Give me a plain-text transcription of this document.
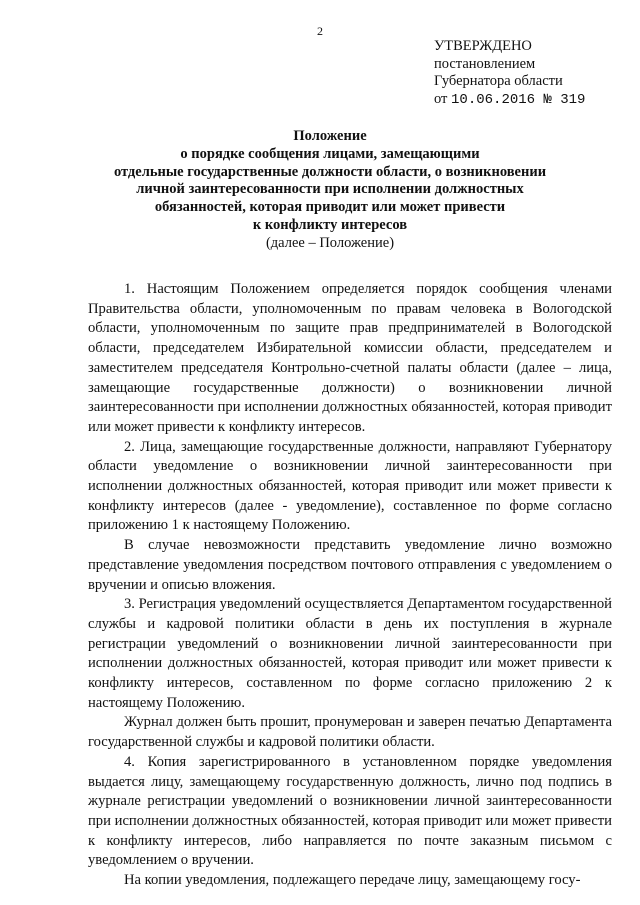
2
УТВЕРЖДЕНО
постановлением
Губернатора области
от 10.06.2016 № 319
Положение
о порядке сообщения лицами, замещающими
отдельные государственные должности области, о возникновении
личной заинтересованности при исполнении должностных
обязанностей, которая приводит или может привести
к конфликту интересов
(далее – Положение)

1. Настоящим Положением определяется порядок сообщения членами Правительства области, уполномоченным по правам человека в Вологодской области, уполномоченным по защите прав предпринимателей в Вологодской области, председателем Избирательной комиссии области, председателем и заместителем председателя Контрольно-счетной палаты области (далее – лица, замещающие государственные должности) о возникновении личной заинтересованности при исполнении должностных обязанностей, которая приводит или может привести к конфликту интересов.

2. Лица, замещающие государственные должности, направляют Губернатору области уведомление о возникновении личной заинтересованности при исполнении должностных обязанностей, которая приводит или может привести к конфликту интересов (далее - уведомление), составленное по форме согласно приложению 1 к настоящему Положению.

В случае невозможности представить уведомление лично возможно представление уведомления посредством почтового отправления с уведомлением о вручении и описью вложения.

3. Регистрация уведомлений осуществляется Департаментом государственной службы и кадровой политики области в день их поступления в журнале регистрации уведомлений о возникновении личной заинтересованности при исполнении должностных обязанностей, которая приводит или может привести к конфликту интересов, составленном по форме согласно приложению 2 к настоящему Положению.

Журнал должен быть прошит, пронумерован и заверен печатью Департамента государственной службы и кадровой политики области.

4. Копия зарегистрированного в установленном порядке уведомления выдается лицу, замещающему государственную должность, лично под подпись в журнале регистрации уведомлений о возникновении личной заинтересованности при исполнении должностных обязанностей, которая приводит или может привести к конфликту интересов, либо направляется по почте заказным письмом с уведомлением о вручении.

На копии уведомления, подлежащего передаче лицу, замещающему госу-
